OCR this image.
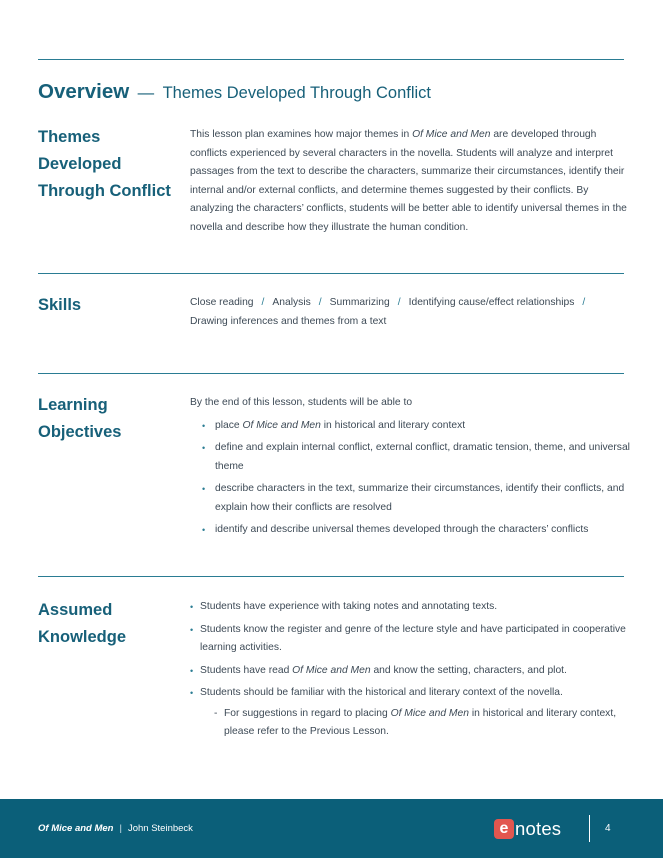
Overview — Themes Developed Through Conflict
Themes Developed Through Conflict

This lesson plan examines how major themes in Of Mice and Men are developed through conflicts experienced by several characters in the novella. Students will analyze and interpret passages from the text to describe the characters, summarize their circumstances, identify their internal and/or external conflicts, and determine themes suggested by their conflicts. By analyzing the characters’ conflicts, students will be better able to identify universal themes in the novella and describe how they illustrate the human condition.

Skills	Close reading / Analysis / Summarizing / Identifying cause/effect relationships /
Drawing inferences and themes from a text

Learning Objectives

By the end of this lesson, students will be able to

• place Of Mice and Men in historical and literary context
• define and explain internal conflict, external conflict, dramatic tension, theme, and universal theme
• describe characters in the text, summarize their circumstances, identify their conflicts, and explain how their conflicts are resolved
• identify and describe universal themes developed through the characters’ conflicts
Assumed Knowledge
• Students have experience with taking notes and annotating texts.
• Students know the register and genre of the lecture style and have participated in cooperative learning activities.
• Students have read Of Mice and Men and know the setting, characters, and plot.
• Students should be familiar with the historical and literary context of the novella.
- For suggestions in regard to placing Of Mice and Men in historical and literary context, please refer to the Previous Lesson.
Of Mice and Men | John Steinbeck	e notes	4
